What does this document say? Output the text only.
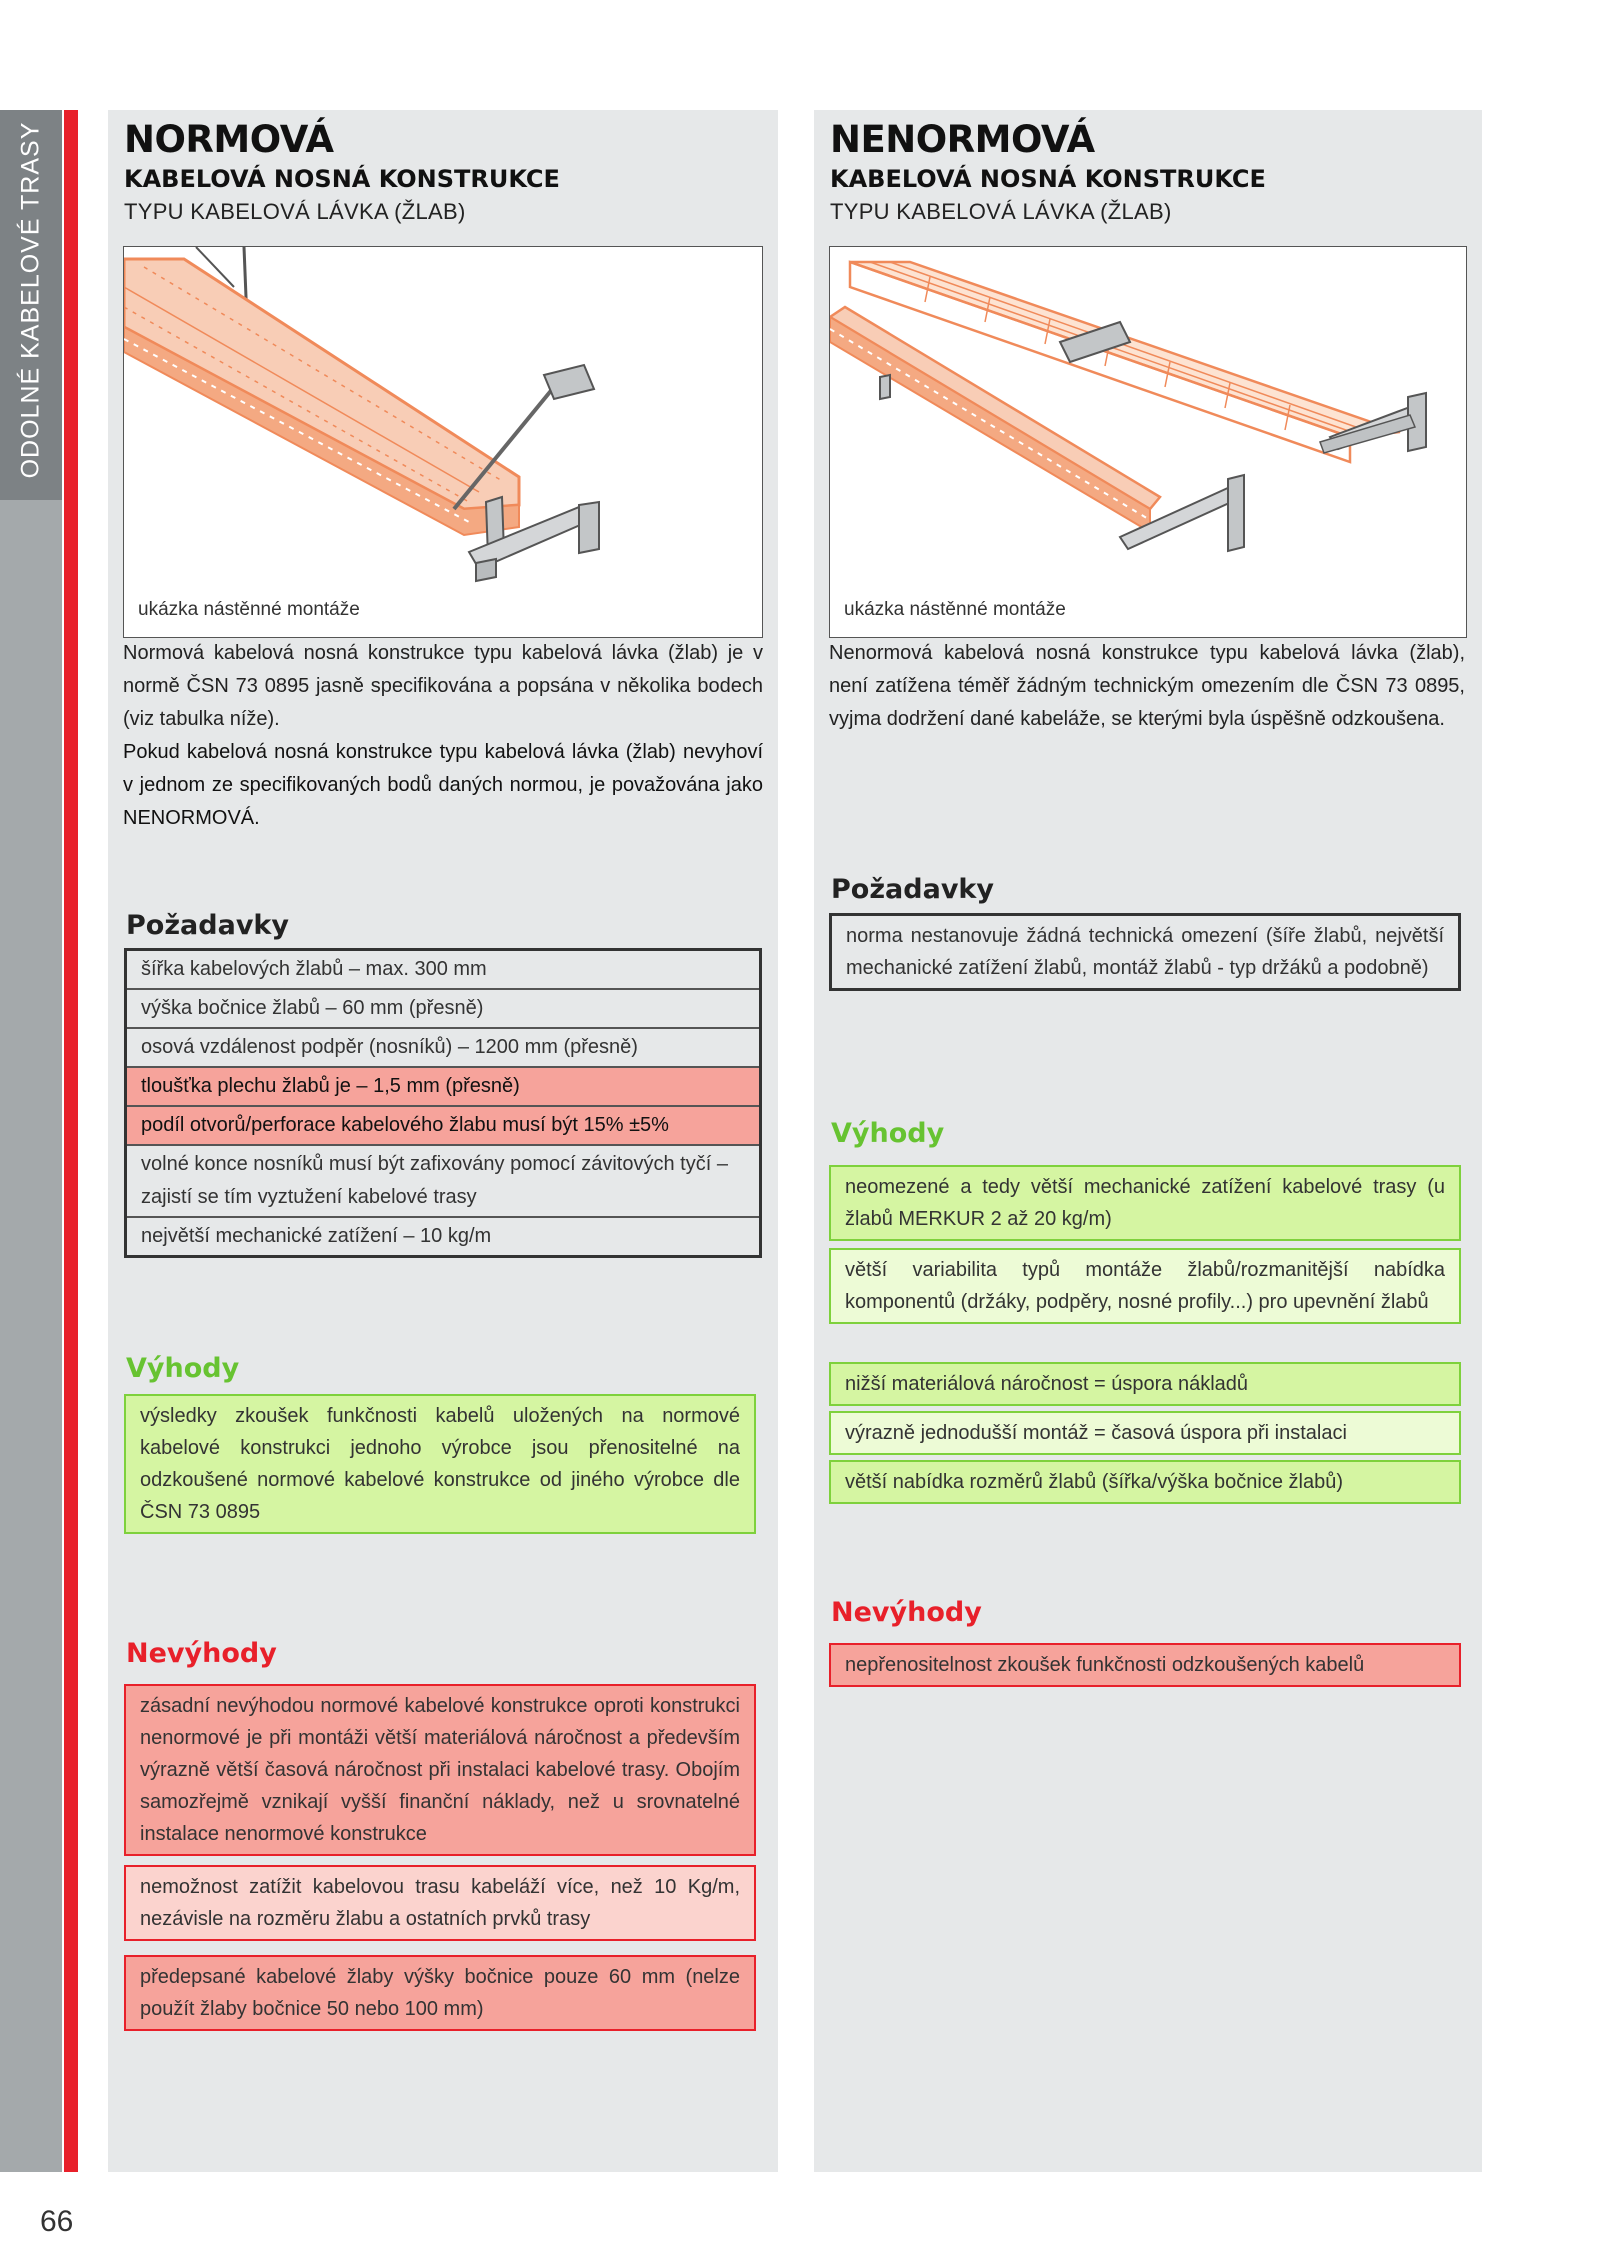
ODOLNÉ KABELOVÉ TRASY
66
NORMOVÁ
KABELOVÁ NOSNÁ KONSTRUKCE
TYPU KABELOVÁ LÁVKA (ŽLAB)
ukázka nástěnné montáže

Normová kabelová nosná konstrukce typu kabelová lávka (žlab) je v normě ČSN 73 0895 jasně specifikována a popsána v několika bodech (viz tabulka níže).

Pokud kabelová nosná konstrukce typu kabelová lávka (žlab) nevyhoví v jednom ze specifikovaných bodů daných normou, je považována jako NENORMOVÁ.

Požadavky
šířka kabelových žlabů – max. 300 mm
výška bočnice žlabů – 60 mm (přesně)
osová vzdálenost podpěr (nosníků) – 1200 mm (přesně)
tloušťka plechu žlabů je – 1,5 mm (přesně)
podíl otvorů/perforace kabelového žlabu musí být 15% ±5%
volné konce nosníků musí být zafixovány pomocí závitových tyčí – zajistí se tím vyztužení kabelové trasy
největší mechanické zatížení – 10 kg/m
Výhody
výsledky zkoušek funkčnosti kabelů uložených na normové kabelové konstrukci jednoho výrobce jsou přenositelné na odzkoušené normové kabelové konstrukce od jiného výrobce dle ČSN 73 0895
Nevýhody
zásadní nevýhodou normové kabelové konstrukce oproti konstrukci nenormové je při montáži větší materiálová náročnost a především výrazně větší časová náročnost při instalaci kabelové trasy. Obojím samozřejmě vznikají vyšší finanční náklady, než u srovnatelné instalace nenormové konstrukce
nemožnost zatížit kabelovou trasu kabeláží více, než 10 Kg/m, nezávisle na rozměru žlabu a ostatních prvků trasy
předepsané kabelové žlaby výšky bočnice pouze 60 mm (nelze použít žlaby bočnice 50 nebo 100 mm)
NENORMOVÁ
KABELOVÁ NOSNÁ KONSTRUKCE
TYPU KABELOVÁ LÁVKA (ŽLAB)
ukázka nástěnné montáže

Nenormová kabelová nosná konstrukce typu kabelová lávka (žlab), není zatížena téměř žádným technickým omezením dle ČSN 73 0895, vyjma dodržení dané kabeláže, se kterými byla úspěšně odzkoušena.

Požadavky
norma nestanovuje žádná technická omezení (šíře žlabů, největší mechanické zatížení žlabů, montáž žlabů - typ držáků a podobně)
Výhody
neomezené a tedy větší mechanické zatížení kabelové trasy (u žlabů MERKUR 2 až 20 kg/m)
větší variabilita typů montáže žlabů/rozmanitější nabídka komponentů (držáky, podpěry, nosné profily...) pro upevnění žlabů
nižší materiálová náročnost = úspora nákladů
výrazně jednodušší montáž = časová úspora při instalaci
větší nabídka rozměrů žlabů (šířka/výška bočnice žlabů)
Nevýhody
nepřenositelnost zkoušek funkčnosti odzkoušených kabelů
